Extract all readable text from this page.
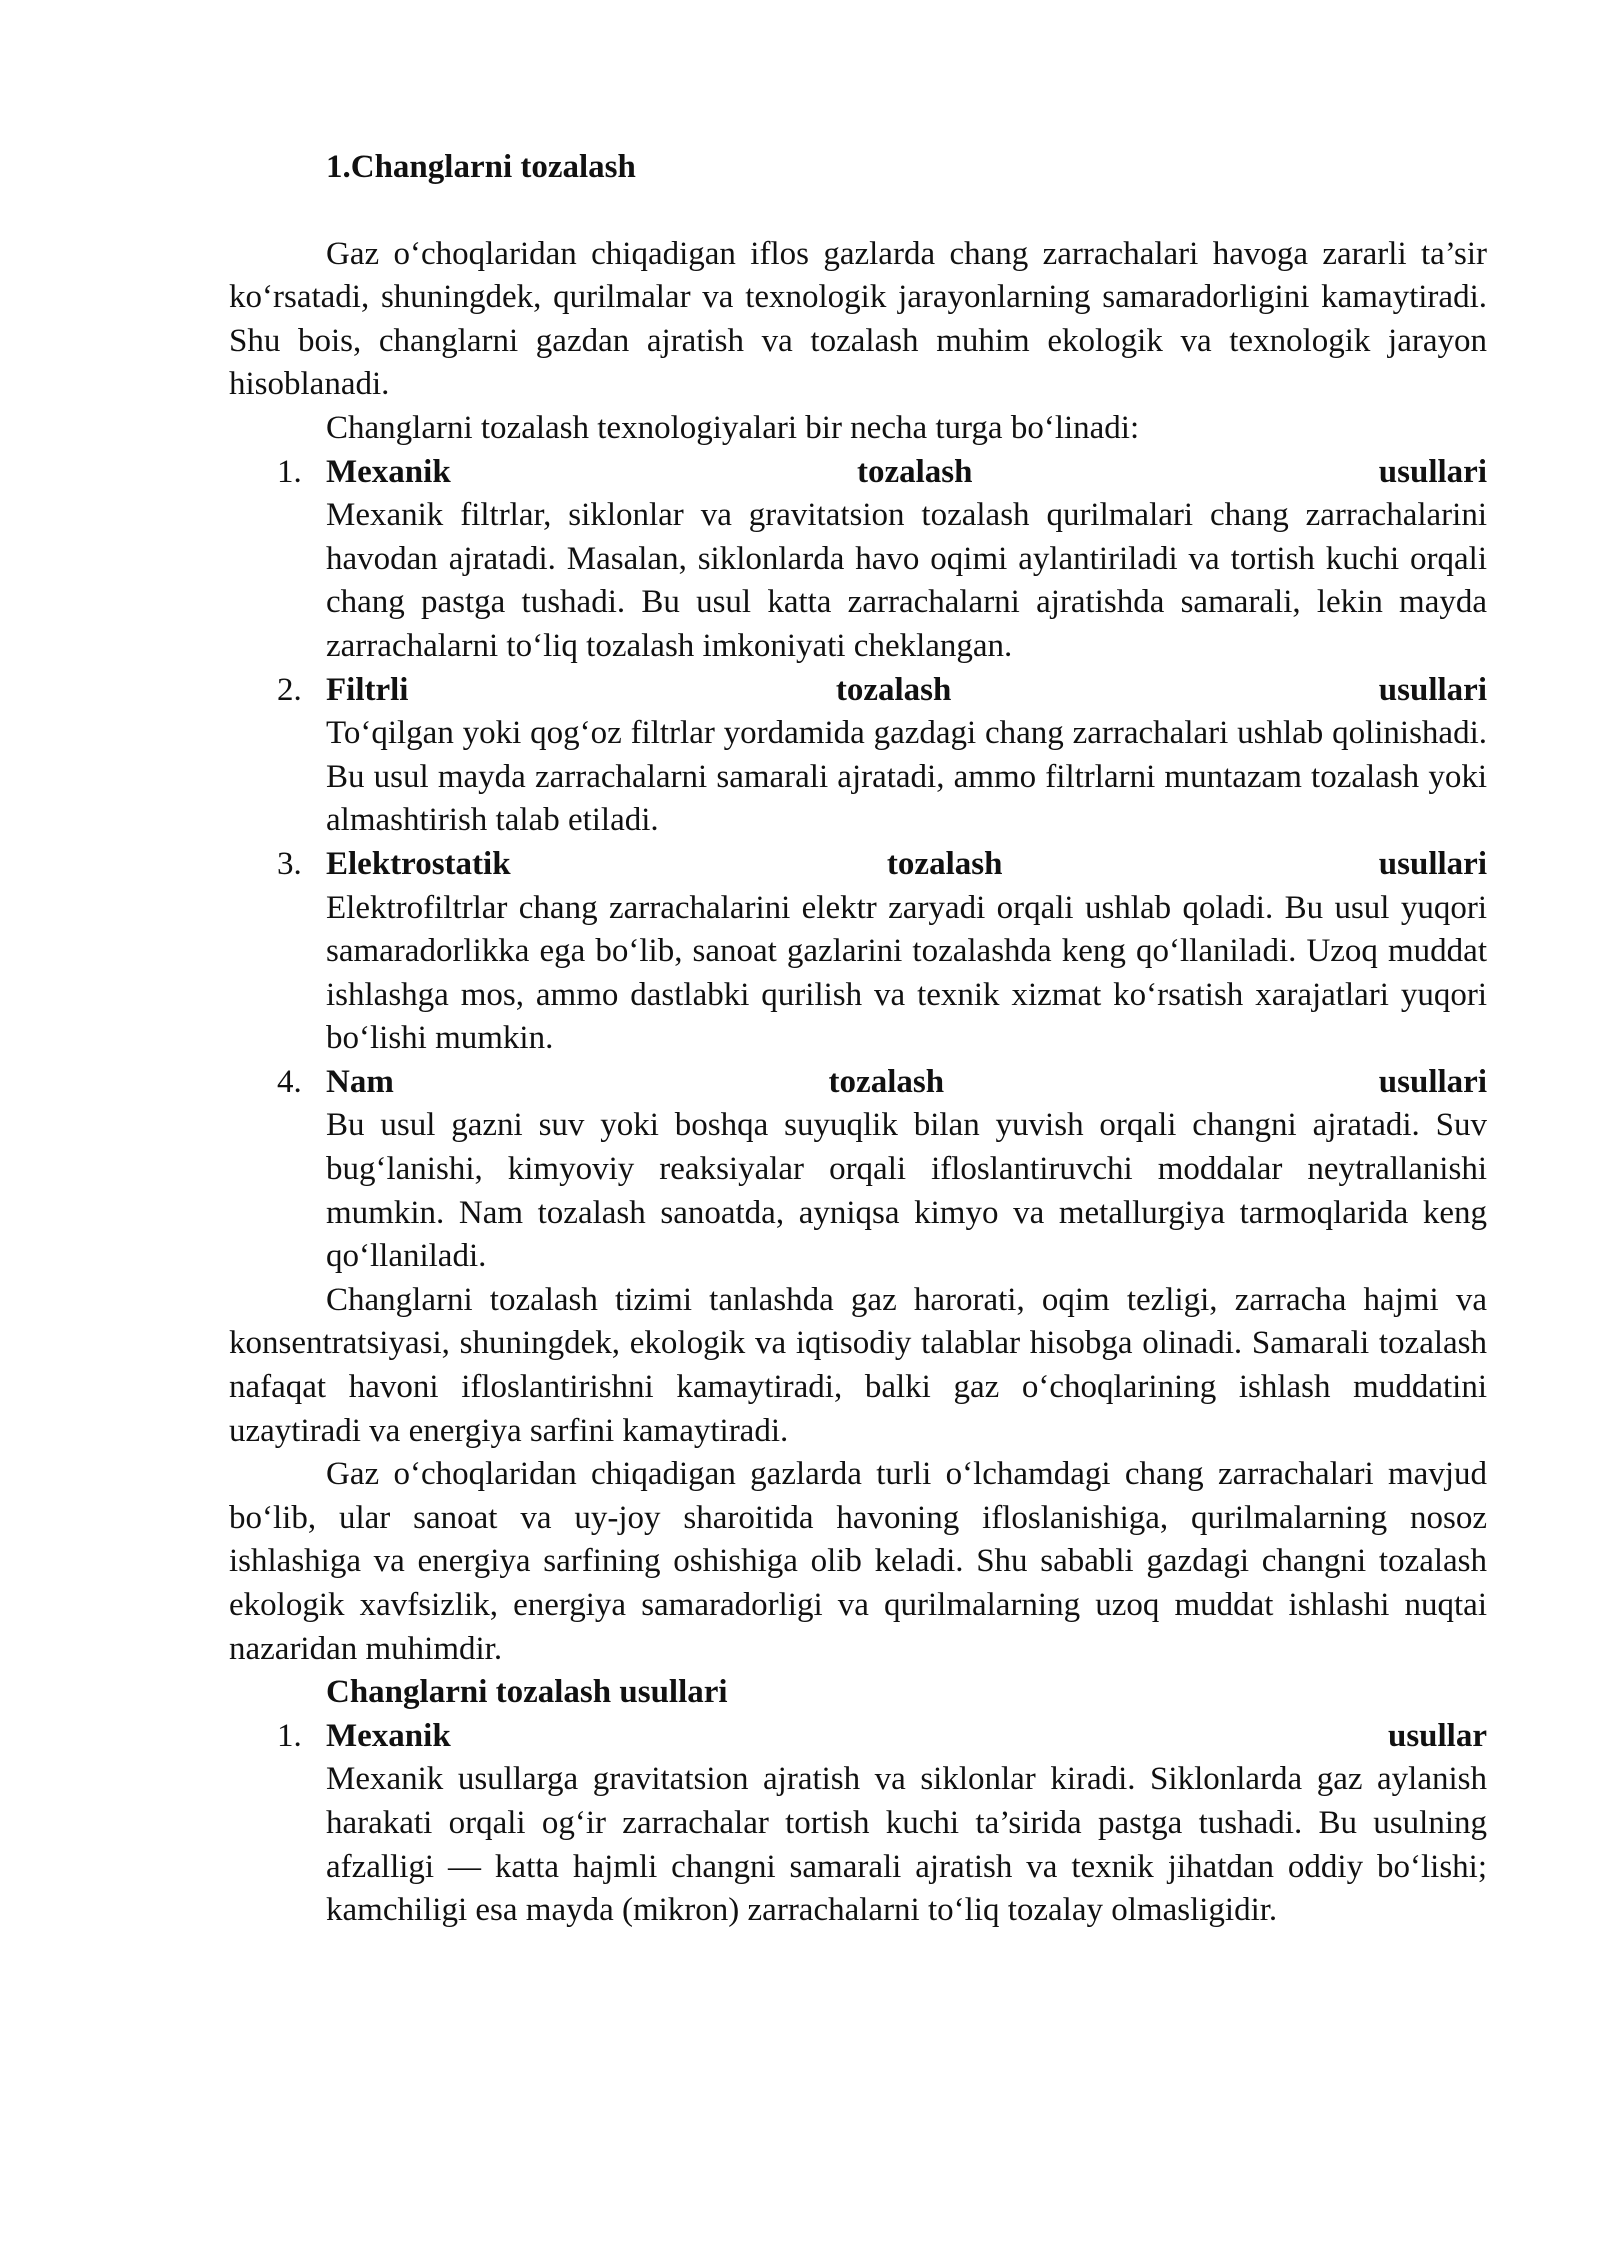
1.Changlarni tozalash

Gaz o‘choqlaridan chiqadigan iflos gazlarda chang zarrachalari havoga zararli ta’sir ko‘rsatadi, shuningdek, qurilmalar va texnologik jarayonlarning samaradorligini kamaytiradi. Shu bois, changlarni gazdan ajratish va tozalash muhim ekologik va texnologik jarayon hisoblanadi.

Changlarni tozalash texnologiyalari bir necha turga bo‘linadi:

1. Mexanik tozalash usullari
Mexanik filtrlar, siklonlar va gravitatsion tozalash qurilmalari chang zarrachalarini havodan ajratadi. Masalan, siklonlarda havo oqimi aylantiriladi va tortish kuchi orqali chang pastga tushadi. Bu usul katta zarrachalarni ajratishda samarali, lekin mayda zarrachalarni to‘liq tozalash imkoniyati cheklangan.
2. Filtrli tozalash usullari
To‘qilgan yoki qog‘oz filtrlar yordamida gazdagi chang zarrachalari ushlab qolinishadi. Bu usul mayda zarrachalarni samarali ajratadi, ammo filtrlarni muntazam tozalash yoki almashtirish talab etiladi.
3. Elektrostatik tozalash usullari
Elektrofiltrlar chang zarrachalarini elektr zaryadi orqali ushlab qoladi. Bu usul yuqori samaradorlikka ega bo‘lib, sanoat gazlarini tozalashda keng qo‘llaniladi. Uzoq muddat ishlashga mos, ammo dastlabki qurilish va texnik xizmat ko‘rsatish xarajatlari yuqori bo‘lishi mumkin.
4. Nam tozalash usullari
Bu usul gazni suv yoki boshqa suyuqlik bilan yuvish orqali changni ajratadi. Suv bug‘lanishi, kimyoviy reaksiyalar orqali ifloslantiruvchi moddalar neytrallanishi mumkin. Nam tozalash sanoatda, ayniqsa kimyo va metallurgiya tarmoqlarida keng qo‘llaniladi.

Changlarni tozalash tizimi tanlashda gaz harorati, oqim tezligi, zarracha hajmi va konsentratsiyasi, shuningdek, ekologik va iqtisodiy talablar hisobga olinadi. Samarali tozalash nafaqat havoni ifloslantirishni kamaytiradi, balki gaz o‘choqlarining ishlash muddatini uzaytiradi va energiya sarfini kamaytiradi.

Gaz o‘choqlaridan chiqadigan gazlarda turli o‘lchamdagi chang zarrachalari mavjud bo‘lib, ular sanoat va uy-joy sharoitida havoning ifloslanishiga, qurilmalarning nosoz ishlashiga va energiya sarfining oshishiga olib keladi. Shu sababli gazdagi changni tozalash ekologik xavfsizlik, energiya samaradorligi va qurilmalarning uzoq muddat ishlashi nuqtai nazaridan muhimdir.

Changlarni tozalash usullari
1. Mexanik usullar
Mexanik usullarga gravitatsion ajratish va siklonlar kiradi. Siklonlarda gaz aylanish harakati orqali og‘ir zarrachalar tortish kuchi ta’sirida pastga tushadi. Bu usulning afzalligi — katta hajmli changni samarali ajratish va texnik jihatdan oddiy bo‘lishi; kamchiligi esa mayda (mikron) zarrachalarni to‘liq tozalay olmasligidir.
